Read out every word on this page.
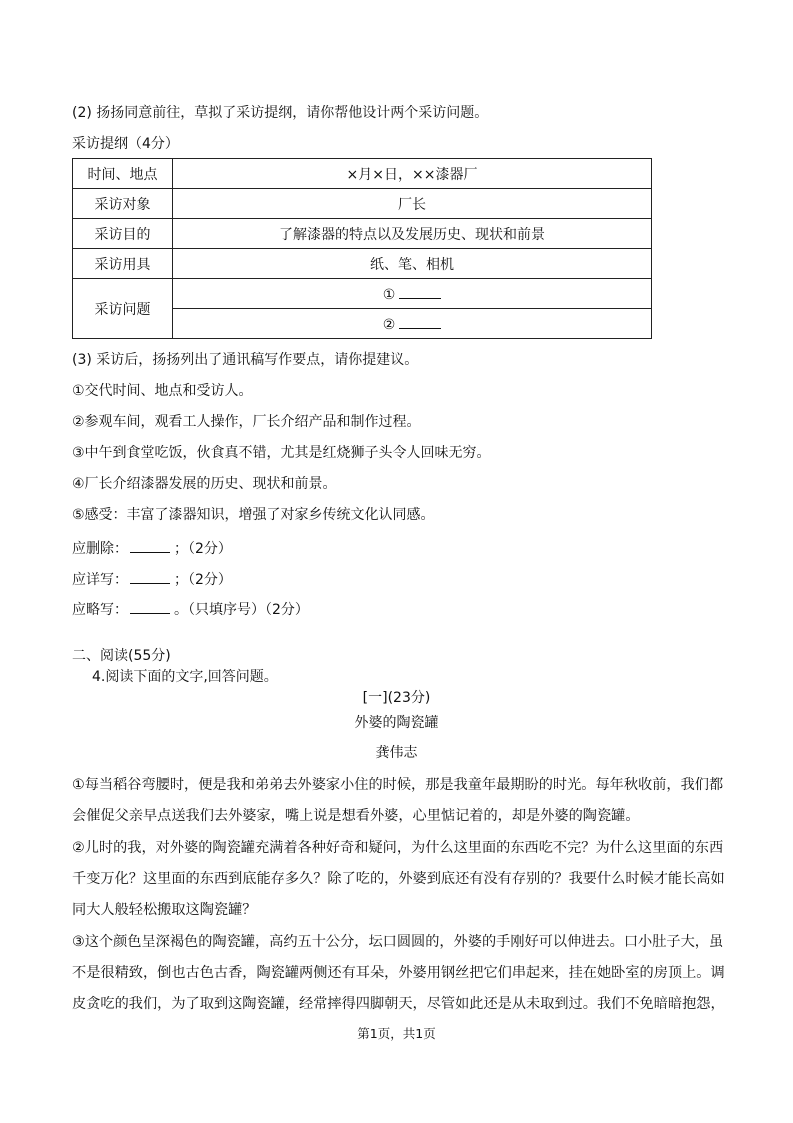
(2) 扬扬同意前往，草拟了采访提纲，请你帮他设计两个采访问题。
采访提纲（4分）
时间、地点	×月×日，××漆器厂
采访对象	厂长
采访目的	了解漆器的特点以及发展历史、现状和前景
采访用具	纸、笔、相机
采访问题	①
	②
(3) 采访后，扬扬列出了通讯稿写作要点，请你提建议。
①交代时间、地点和受访人。
②参观车间，观看工人操作，厂长介绍产品和制作过程。
③中午到食堂吃饭，伙食真不错，尤其是红烧狮子头令人回味无穷。
④厂长介绍漆器发展的历史、现状和前景。
⑤感受：丰富了漆器知识，增强了对家乡传统文化认同感。
应删除：	；（2分）
应详写：	；（2分）
应略写：	。（只填序号）（2分）
二、阅读(55分)
4.阅读下面的文字,回答问题。
[一](23分)
外婆的陶瓷罐
龚伟志
①每当稻谷弯腰时，便是我和弟弟去外婆家小住的时候，那是我童年最期盼的时光。每年秋收前，我们都
会催促父亲早点送我们去外婆家，嘴上说是想看外婆，心里惦记着的，却是外婆的陶瓷罐。
②儿时的我，对外婆的陶瓷罐充满着各种好奇和疑问，为什么这里面的东西吃不完？为什么这里面的东西
千变万化？这里面的东西到底能存多久？除了吃的，外婆到底还有没有存别的？我要什么时候才能长高如
同大人般轻松搬取这陶瓷罐？
③这个颜色呈深褐色的陶瓷罐，高约五十公分，坛口圆圆的，外婆的手刚好可以伸进去。口小肚子大，虽
不是很精致，倒也古色古香，陶瓷罐两侧还有耳朵，外婆用钢丝把它们串起来，挂在她卧室的房顶上。调
皮贪吃的我们，为了取到这陶瓷罐，经常摔得四脚朝天，尽管如此还是从未取到过。我们不免暗暗抱怨，
第1页，共1页
